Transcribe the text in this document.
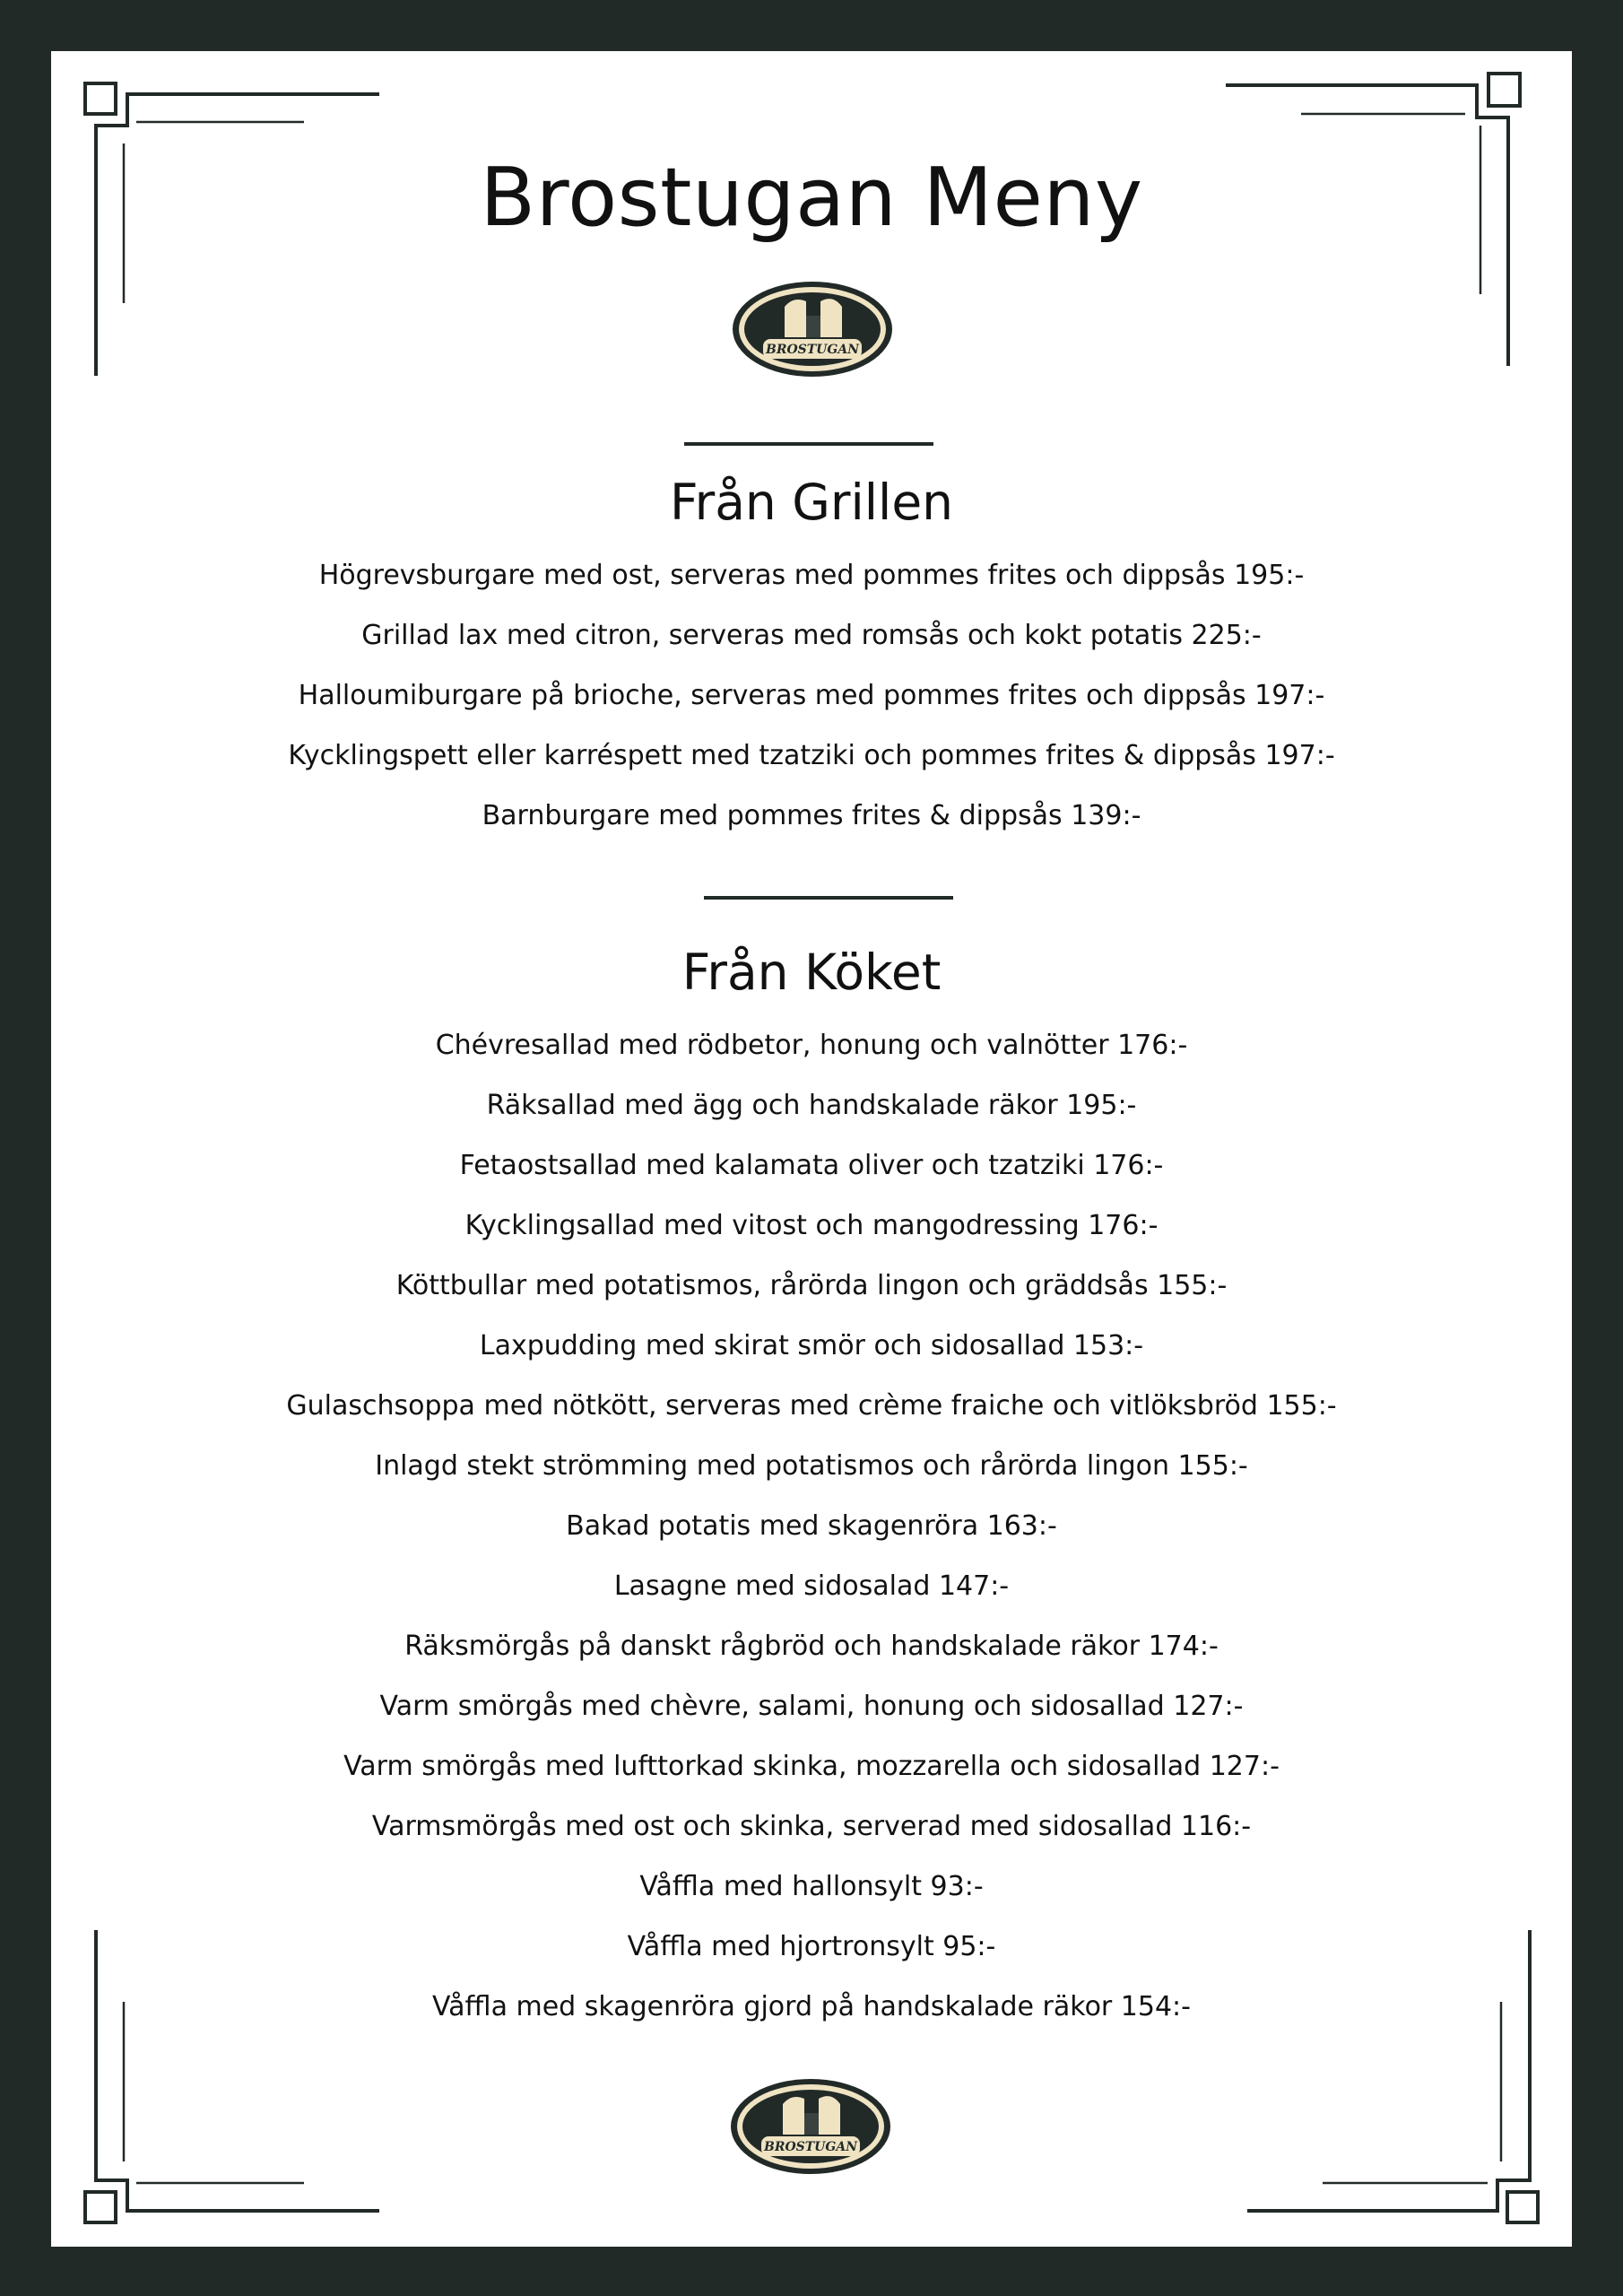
Brostugan Meny
BROSTUGAN
Från Grillen
Högrevsburgare med ost, serveras med pommes frites och dippsås 195:-
Grillad lax med citron, serveras med romsås och kokt potatis 225:-
Halloumiburgare på brioche, serveras med pommes frites och dippsås 197:-
Kycklingspett eller karréspett med tzatziki och pommes frites & dippsås 197:-
Barnburgare med pommes frites & dippsås 139:-
Från Köket
Chévresallad med rödbetor, honung och valnötter 176:-
Räksallad med ägg och handskalade räkor 195:-
Fetaostsallad med kalamata oliver och tzatziki 176:-
Kycklingsallad med vitost och mangodressing 176:-
Köttbullar med potatismos, rårörda lingon och gräddsås 155:-
Laxpudding med skirat smör och sidosallad 153:-
Gulaschsoppa med nötkött, serveras med crème fraiche och vitlöksbröd 155:-
Inlagd stekt strömming med potatismos och rårörda lingon 155:-
Bakad potatis med skagenröra 163:-
Lasagne med sidosalad 147:-
Räksmörgås på danskt rågbröd och handskalade räkor 174:-
Varm smörgås med chèvre, salami, honung och sidosallad 127:-
Varm smörgås med lufttorkad skinka, mozzarella och sidosallad 127:-
Varmsmörgås med ost och skinka, serverad med sidosallad 116:-
Våffla med hallonsylt 93:-
Våffla med hjortronsylt 95:-
Våffla med skagenröra gjord på handskalade räkor 154:-
BROSTUGAN
